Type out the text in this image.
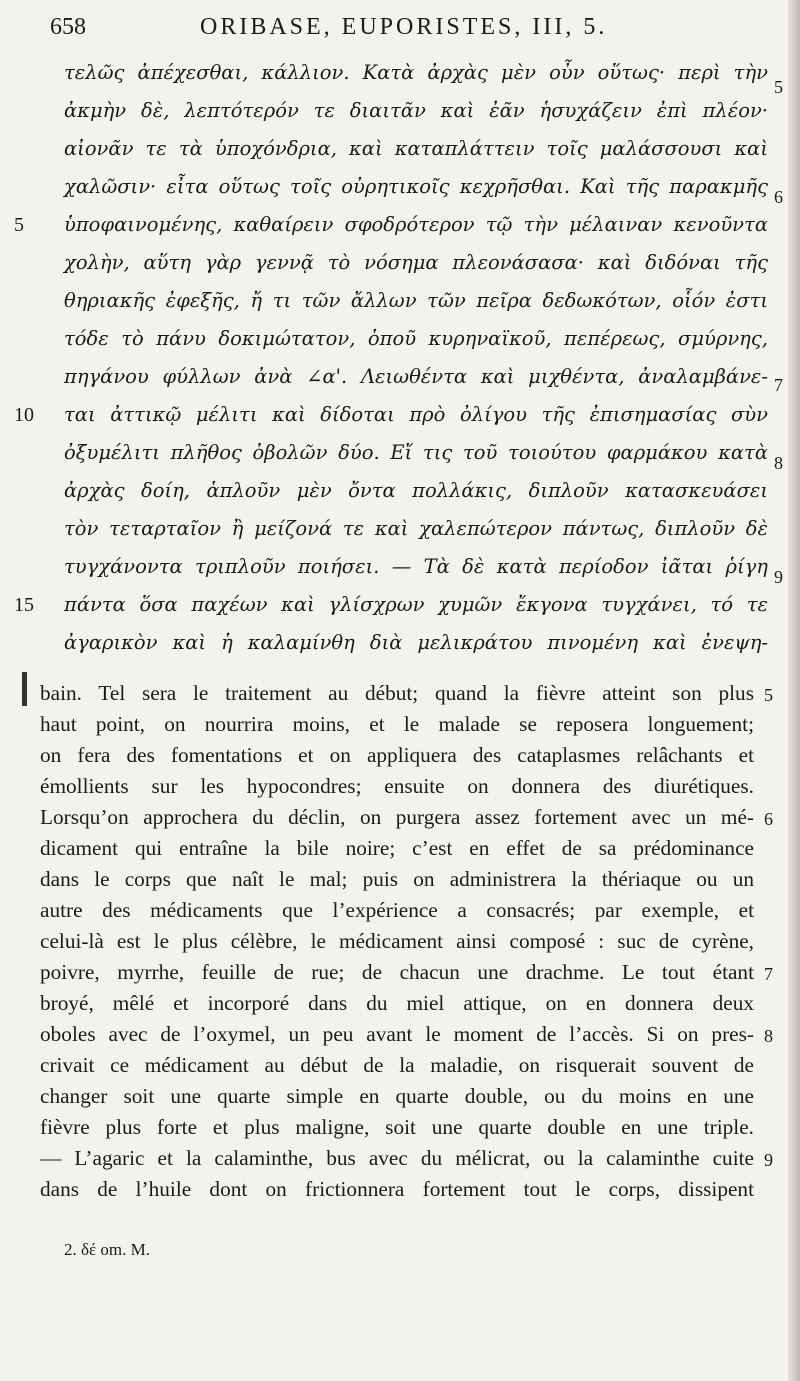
658	ORIBASE, EUPORISTES, III, 5.
τελῶς ἀπέχεσθαι, κάλλιον. Κατὰ ἀρχὰς μὲν οὖν οὕτως· περὶ τὴν
ἀκμὴν δὲ, λεπτότερόν τε διαιτᾶν καὶ ἐᾶν ἡσυχάζειν ἐπὶ πλέον·
αἰονᾶν τε τὰ ὑποχόνδρια, καὶ καταπλάττειν τοῖς μαλάσσουσι καὶ
χαλῶσιν· εἶτα οὕτως τοῖς οὐρητικοῖς κεχρῆσθαι. Καὶ τῆς παρακμῆς
ὑποφαινομένης, καθαίρειν σφοδρότερον τῷ τὴν μέλαιναν κενοῦντα
χολὴν, αὕτη γὰρ γεννᾷ τὸ νόσημα πλεονάσασα· καὶ διδόναι τῆς
θηριακῆς ἐφεξῆς, ἤ τι τῶν ἄλλων τῶν πεῖρα δεδωκότων, οἷόν ἐστι
τόδε τὸ πάνυ δοκιμώτατον, ὁποῦ κυρηναϊκοῦ, πεπέρεως, σμύρνης,
πηγάνου φύλλων ἀνὰ ∠α'. Λειωθέντα καὶ μιχθέντα, ἀναλαμβάνε-
ται ἀττικῷ μέλιτι καὶ δίδοται πρὸ ὀλίγου τῆς ἐπισημασίας σὺν
ὀξυμέλιτι πλῆθος ὀβολῶν δύο. Εἴ τις τοῦ τοιούτου φαρμάκου κατὰ
ἀρχὰς δοίη, ἁπλοῦν μὲν ὄντα πολλάκις, διπλοῦν κατασκευάσει
τὸν τεταρταῖον ἢ μείζονά τε καὶ χαλεπώτερον πάντως, διπλοῦν δὲ
τυγχάνοντα τριπλοῦν ποιήσει. — Τὰ δὲ κατὰ περίοδον ἰᾶται ῥίγη
πάντα ὅσα παχέων καὶ γλίσχρων χυμῶν ἔκγονα τυγχάνει, τό τε
ἀγαρικὸν καὶ ἡ καλαμίνθη διὰ μελικράτου πινομένη καὶ ἐνεψη-
5
10
15
5
6
7
8
9
bain. Tel sera le traitement au début; quand la fièvre atteint son plus
haut point, on nourrira moins, et le malade se reposera longuement;
on fera des fomentations et on appliquera des cataplasmes relâchants et
émollients sur les hypocondres; ensuite on donnera des diurétiques.
Lorsqu’on approchera du déclin, on purgera assez fortement avec un mé-
dicament qui entraîne la bile noire; c’est en effet de sa prédominance
dans le corps que naît le mal; puis on administrera la thériaque ou un
autre des médicaments que l’expérience a consacrés; par exemple, et
celui-là est le plus célèbre, le médicament ainsi composé : suc de cyrène,
poivre, myrrhe, feuille de rue; de chacun une drachme. Le tout étant
broyé, mêlé et incorporé dans du miel attique, on en donnera deux
oboles avec de l’oxymel, un peu avant le moment de l’accès. Si on pres-
crivait ce médicament au début de la maladie, on risquerait souvent de
changer soit une quarte simple en quarte double, ou du moins en une
fièvre plus forte et plus maligne, soit une quarte double en une triple.
— L’agaric et la calaminthe, bus avec du mélicrat, ou la calaminthe cuite
dans de l’huile dont on frictionnera fortement tout le corps, dissipent
5
6
7
8
9
2. δέ om. M.
